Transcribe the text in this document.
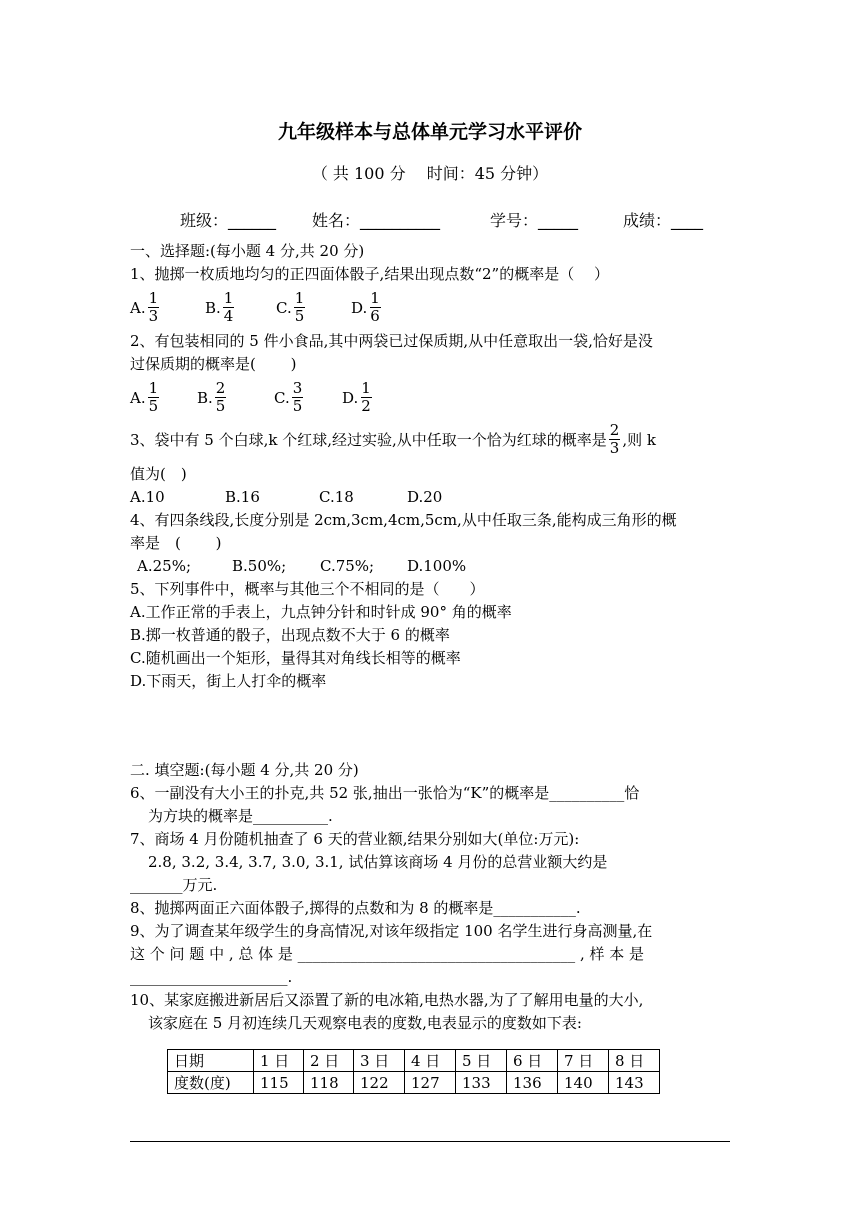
九年级样本与总体单元学习水平评价
（ 共 100 分　 时间：45 分钟）
班级：______ 姓名：__________	学号：_____	成绩：____
一、选择题:(每小题 4 分,共 20 分)
1、抛掷一枚质地均匀的正四面体骰子,结果出现点数“2”的概率是（　 ）
A. $\frac{1}{3}$	B. $\frac{1}{4}$	C. $\frac{1}{5}$	D. $\frac{1}{6}$
2、有包装相同的 5 件小食品,其中两袋已过保质期,从中任意取出一袋,恰好是没
过保质期的概率是(　　 )
A. $\frac{1}{5}$	B. $\frac{2}{5}$	C. $\frac{3}{5}$	D. $\frac{1}{2}$
3、袋中有 5 个白球,k 个红球,经过实验,从中任取一个恰为红球的概率是 $\frac{2}{3}$ ,则 k
值为(　)
A.10	B.16	C.18	D.20
4、有四条线段,长度分别是 2cm,3cm,4cm,5cm,从中任取三条,能构成三角形的概
率是　(　　 )
A.25%;	B.50%; C.75%; D.100%
5、下列事件中，概率与其他三个不相同的是（　　）
A.工作正常的手表上，九点钟分针和时针成 90° 角的概率
B.掷一枚普通的骰子，出现点数不大于 6 的概率
C.随机画出一个矩形，量得其对角线长相等的概率
D.下雨天，街上人打伞的概率
二. 填空题:(每小题 4 分,共 20 分)
6、一副没有大小王的扑克,共 52 张,抽出一张恰为“K”的概率是__________恰
为方块的概率是__________.
7、商场 4 月份随机抽查了 6 天的营业额,结果分别如大(单位:万元):
2.8, 3.2, 3.4, 3.7, 3.0, 3.1, 试估算该商场 4 月份的总营业额大约是
_______万元.
8、抛掷两面正六面体骰子,掷得的点数和为 8 的概率是___________.
9、为了调查某年级学生的身高情况,对该年级指定 100 名学生进行身高测量,在
这 个 问 题 中 , 总 体 是 _____________________________________ , 样 本 是
_____________________.
10、某家庭搬进新居后又添置了新的电冰箱,电热水器,为了了解用电量的大小,
该家庭在 5 月初连续几天观察电表的度数,电表显示的度数如下表:
日期	1 日	2 日	3 日	4 日	5 日	6 日	7 日	8 日
度数(度)	115	118	122	127	133	136	140	143
